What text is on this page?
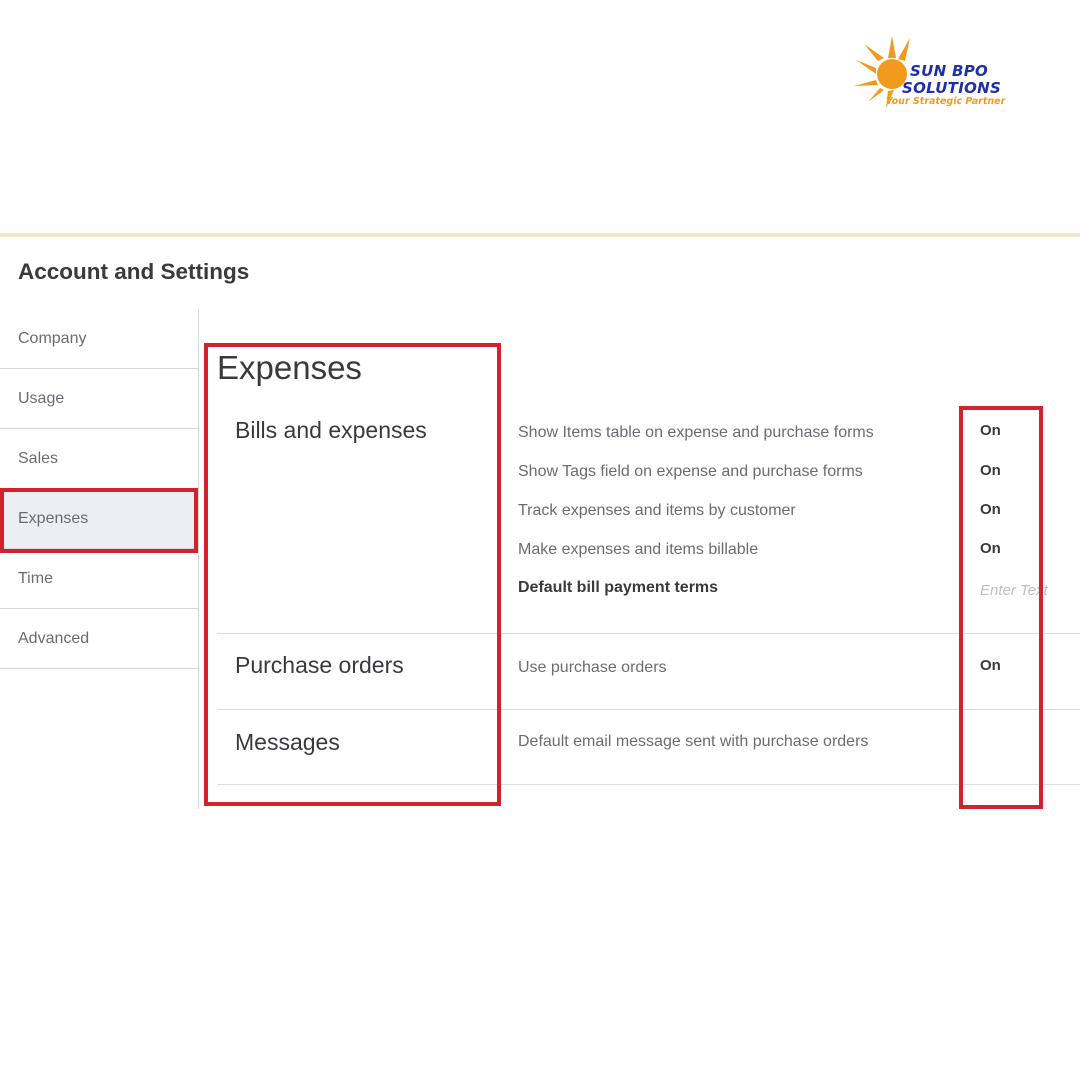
SUN BPO
SOLUTIONS
Your Strategic Partner
Account and Settings
Company
Usage
Sales
Expenses
Time
Advanced
Expenses
Bills and expenses	Show Items table on expense and purchase forms	On
Show Tags field on expense and purchase forms	On
Track expenses and items by customer	On
Make expenses and items billable	On
Default bill payment terms	Enter Text
Purchase orders	Use purchase orders	On
Messages	Default email message sent with purchase orders
